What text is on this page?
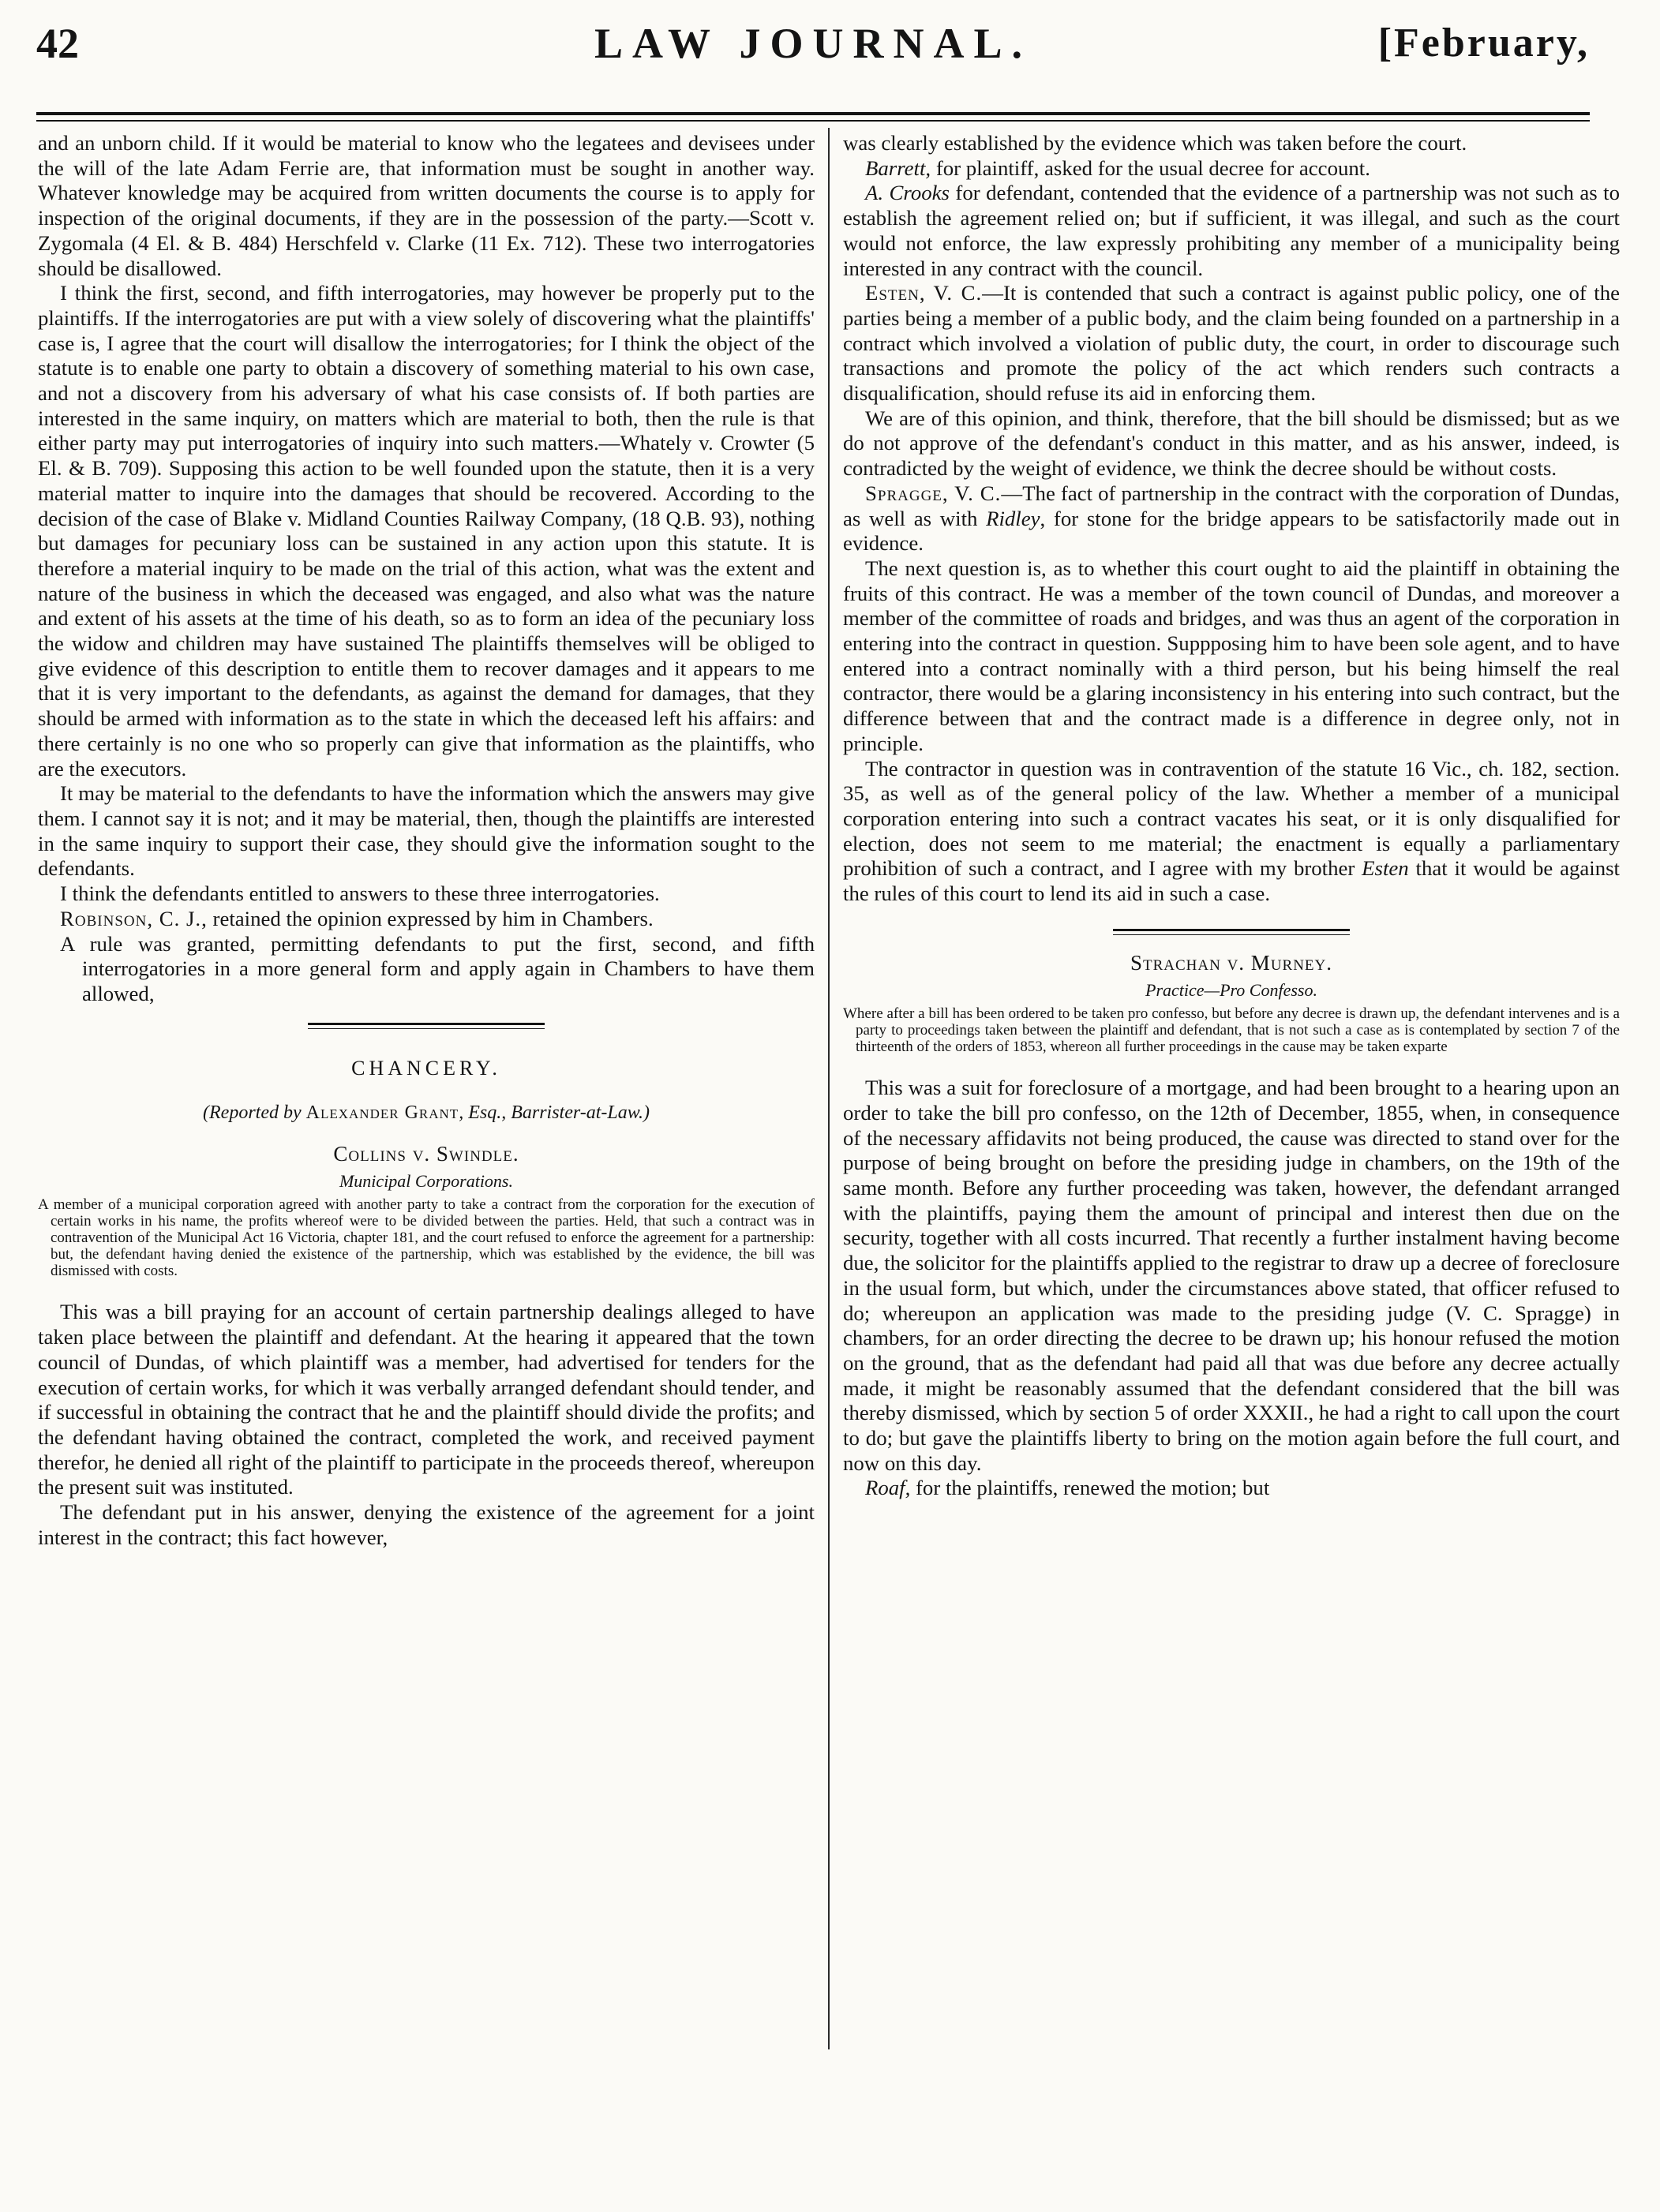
42	LAW JOURNAL.	[February,

and an unborn child. If it would be material to know who the legatees and devisees under the will of the late Adam Ferrie are, that information must be sought in another way. Whatever knowledge may be acquired from written documents the course is to apply for inspection of the original documents, if they are in the possession of the party.—Scott v. Zygomala (4 El. & B. 484) Herschfeld v. Clarke (11 Ex. 712). These two interrogatories should be disallowed.

I think the first, second, and fifth interrogatories, may however be properly put to the plaintiffs. If the interrogatories are put with a view solely of discovering what the plaintiffs' case is, I agree that the court will disallow the interrogatories; for I think the object of the statute is to enable one party to obtain a discovery of something material to his own case, and not a discovery from his adversary of what his case consists of. If both parties are interested in the same inquiry, on matters which are material to both, then the rule is that either party may put interrogatories of inquiry into such matters.—Whately v. Crowter (5 El. & B. 709). Supposing this action to be well founded upon the statute, then it is a very material matter to inquire into the damages that should be recovered. According to the decision of the case of Blake v. Midland Counties Railway Company, (18 Q.B. 93), nothing but damages for pecuniary loss can be sustained in any action upon this statute. It is therefore a material inquiry to be made on the trial of this action, what was the extent and nature of the business in which the deceased was engaged, and also what was the nature and extent of his assets at the time of his death, so as to form an idea of the pecuniary loss the widow and children may have sustained The plaintiffs themselves will be obliged to give evidence of this description to entitle them to recover damages and it appears to me that it is very important to the defendants, as against the demand for damages, that they should be armed with information as to the state in which the deceased left his affairs: and there certainly is no one who so properly can give that information as the plaintiffs, who are the executors.

It may be material to the defendants to have the information which the answers may give them. I cannot say it is not; and it may be material, then, though the plaintiffs are interested in the same inquiry to support their case, they should give the information sought to the defendants.

I think the defendants entitled to answers to these three interrogatories.

Robinson, C. J., retained the opinion expressed by him in Chambers.

A rule was granted, permitting defendants to put the first, second, and fifth interrogatories in a more general form and apply again in Chambers to have them allowed,

CHANCERY.
(Reported by Alexander Grant, Esq., Barrister-at-Law.)
Collins v. Swindle.
Municipal Corporations.
A member of a municipal corporation agreed with another party to take a contract from the corporation for the execution of certain works in his name, the profits whereof were to be divided between the parties. Held, that such a contract was in contravention of the Municipal Act 16 Victoria, chapter 181, and the court refused to enforce the agreement for a partnership: but, the defendant having denied the existence of the partnership, which was established by the evidence, the bill was dismissed with costs.

This was a bill praying for an account of certain partnership dealings alleged to have taken place between the plaintiff and defendant. At the hearing it appeared that the town council of Dundas, of which plaintiff was a member, had advertised for tenders for the execution of certain works, for which it was verbally arranged defendant should tender, and if successful in obtaining the contract that he and the plaintiff should divide the profits; and the defendant having obtained the contract, completed the work, and received payment therefor, he denied all right of the plaintiff to participate in the proceeds thereof, whereupon the present suit was instituted.

The defendant put in his answer, denying the existence of the agreement for a joint interest in the contract; this fact however,

was clearly established by the evidence which was taken before the court.

Barrett, for plaintiff, asked for the usual decree for account.

A. Crooks for defendant, contended that the evidence of a partnership was not such as to establish the agreement relied on; but if sufficient, it was illegal, and such as the court would not enforce, the law expressly prohibiting any member of a municipality being interested in any contract with the council.

Esten, V. C.—It is contended that such a contract is against public policy, one of the parties being a member of a public body, and the claim being founded on a partnership in a contract which involved a violation of public duty, the court, in order to discourage such transactions and promote the policy of the act which renders such contracts a disqualification, should refuse its aid in enforcing them.

We are of this opinion, and think, therefore, that the bill should be dismissed; but as we do not approve of the defendant's conduct in this matter, and as his answer, indeed, is contradicted by the weight of evidence, we think the decree should be without costs.

Spragge, V. C.—The fact of partnership in the contract with the corporation of Dundas, as well as with Ridley, for stone for the bridge appears to be satisfactorily made out in evidence.

The next question is, as to whether this court ought to aid the plaintiff in obtaining the fruits of this contract. He was a member of the town council of Dundas, and moreover a member of the committee of roads and bridges, and was thus an agent of the corporation in entering into the contract in question. Suppposing him to have been sole agent, and to have entered into a contract nominally with a third person, but his being himself the real contractor, there would be a glaring inconsistency in his entering into such contract, but the difference between that and the contract made is a difference in degree only, not in principle.

The contractor in question was in contravention of the statute 16 Vic., ch. 182, section. 35, as well as of the general policy of the law. Whether a member of a municipal corporation entering into such a contract vacates his seat, or it is only disqualified for election, does not seem to me material; the enactment is equally a parliamentary prohibition of such a contract, and I agree with my brother Esten that it would be against the rules of this court to lend its aid in such a case.

Strachan v. Murney.
Practice—Pro Confesso.
Where after a bill has been ordered to be taken pro confesso, but before any decree is drawn up, the defendant intervenes and is a party to proceedings taken between the plaintiff and defendant, that is not such a case as is contemplated by section 7 of the thirteenth of the orders of 1853, whereon all further proceedings in the cause may be taken exparte

This was a suit for foreclosure of a mortgage, and had been brought to a hearing upon an order to take the bill pro confesso, on the 12th of December, 1855, when, in consequence of the necessary affidavits not being produced, the cause was directed to stand over for the purpose of being brought on before the presiding judge in chambers, on the 19th of the same month. Before any further proceeding was taken, however, the defendant arranged with the plaintiffs, paying them the amount of principal and interest then due on the security, together with all costs incurred. That recently a further instalment having become due, the solicitor for the plaintiffs applied to the registrar to draw up a decree of foreclosure in the usual form, but which, under the circumstances above stated, that officer refused to do; whereupon an application was made to the presiding judge (V. C. Spragge) in chambers, for an order directing the decree to be drawn up; his honour refused the motion on the ground, that as the defendant had paid all that was due before any decree actually made, it might be reasonably assumed that the defendant considered that the bill was thereby dismissed, which by section 5 of order XXXII., he had a right to call upon the court to do; but gave the plaintiffs liberty to bring on the motion again before the full court, and now on this day.

Roaf, for the plaintiffs, renewed the motion; but
